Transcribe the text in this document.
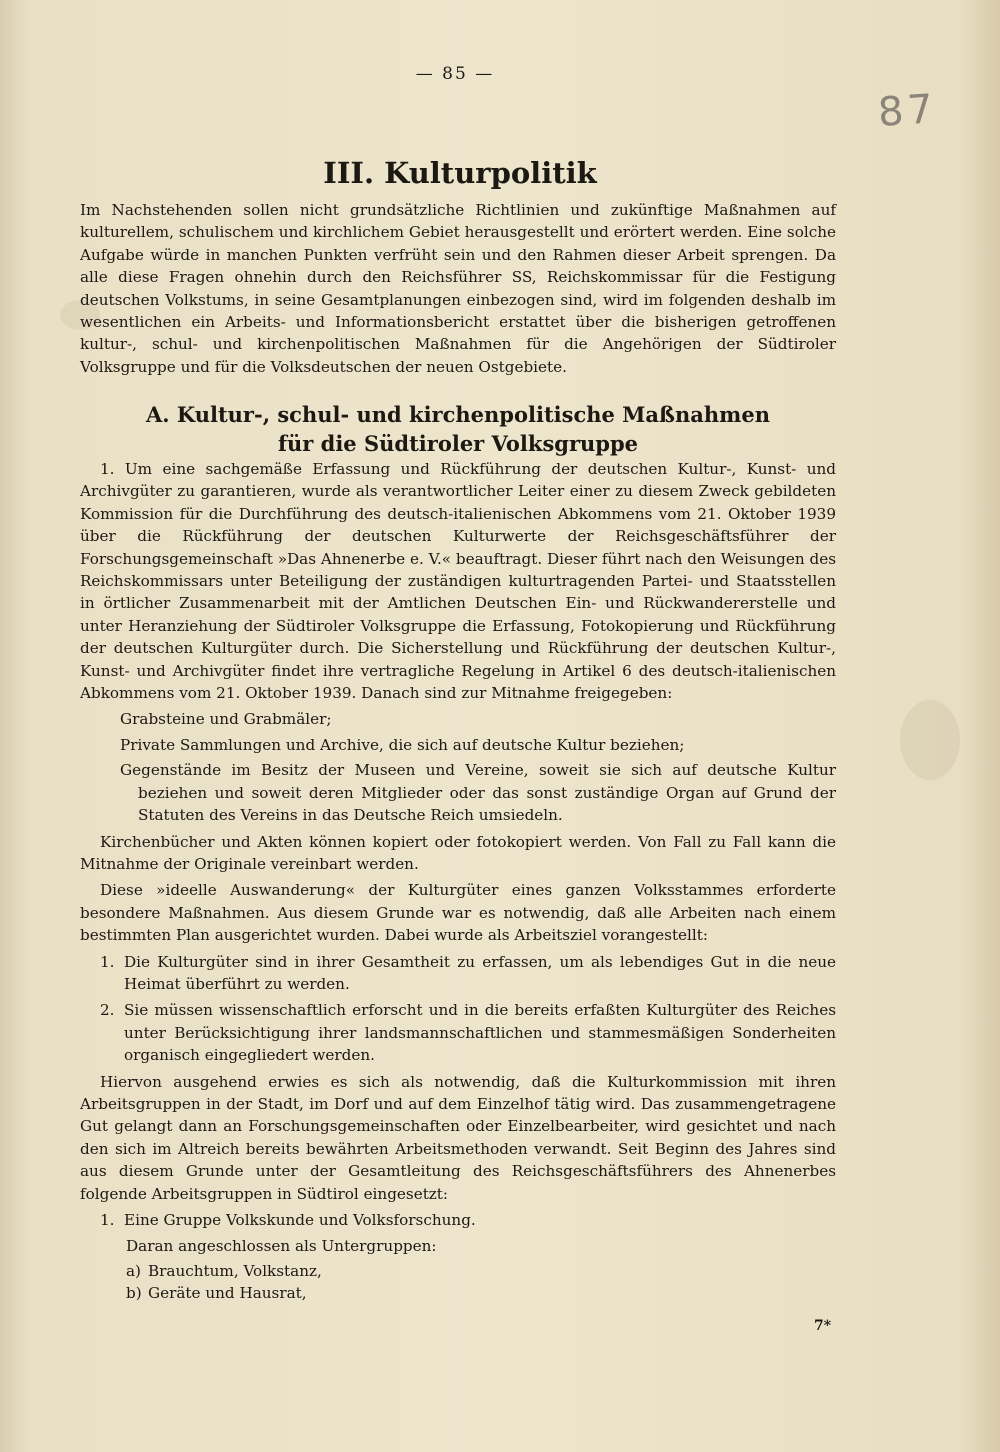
87
— 85 —
III. Kulturpolitik

Im Nachstehenden sollen nicht grundsätzliche Richtlinien und zukünftige Maßnahmen auf kulturellem, schulischem und kirchlichem Gebiet herausgestellt und erörtert werden. Eine solche Aufgabe würde in manchen Punkten verfrüht sein und den Rahmen dieser Arbeit sprengen. Da alle diese Fragen ohnehin durch den Reichsführer SS, Reichskommissar für die Festigung deutschen Volkstums, in seine Gesamtplanungen einbezogen sind, wird im folgenden deshalb im wesentlichen ein Arbeits- und Informationsbericht erstattet über die bisherigen getroffenen kultur-, schul- und kirchenpolitischen Maßnahmen für die Angehörigen der Südtiroler Volksgruppe und für die Volksdeutschen der neuen Ostgebiete.

A. Kultur-, schul- und kirchenpolitische Maßnahmen
für die Südtiroler Volksgruppe

1. Um eine sachgemäße Erfassung und Rückführung der deutschen Kultur-, Kunst- und Archivgüter zu garantieren, wurde als verantwortlicher Leiter einer zu diesem Zweck gebildeten Kommission für die Durchführung des deutsch-italienischen Abkommens vom 21. Oktober 1939 über die Rückführung der deutschen Kulturwerte der Reichsgeschäftsführer der Forschungsgemeinschaft »Das Ahnenerbe e. V.« beauftragt. Dieser führt nach den Weisungen des Reichskommissars unter Beteiligung der zuständigen kulturtragenden Partei- und Staatsstellen in örtlicher Zusammenarbeit mit der Amtlichen Deutschen Ein- und Rückwandererstelle und unter Heranziehung der Südtiroler Volksgruppe die Erfassung, Fotokopierung und Rückführung der deutschen Kulturgüter durch. Die Sicherstellung und Rückführung der deutschen Kultur-, Kunst- und Archivgüter findet ihre vertragliche Regelung in Artikel 6 des deutsch-italienischen Abkommens vom 21. Oktober 1939. Danach sind zur Mitnahme freigegeben:

Grabsteine und Grabmäler;
Private Sammlungen und Archive, die sich auf deutsche Kultur beziehen;
Gegenstände im Besitz der Museen und Vereine, soweit sie sich auf deutsche Kultur beziehen und soweit deren Mitglieder oder das sonst zuständige Organ auf Grund der Statuten des Vereins in das Deutsche Reich umsiedeln.

Kirchenbücher und Akten können kopiert oder fotokopiert werden. Von Fall zu Fall kann die Mitnahme der Originale vereinbart werden.

Diese »ideelle Auswanderung« der Kulturgüter eines ganzen Volksstammes erforderte besondere Maßnahmen. Aus diesem Grunde war es notwendig, daß alle Arbeiten nach einem bestimmten Plan ausgerichtet wurden. Dabei wurde als Arbeitsziel vorangestellt:

1. Die Kulturgüter sind in ihrer Gesamtheit zu erfassen, um als lebendiges Gut in die neue Heimat überführt zu werden.
2. Sie müssen wissenschaftlich erforscht und in die bereits erfaßten Kulturgüter des Reiches unter Berücksichtigung ihrer landsmannschaftlichen und stammesmäßigen Sonderheiten organisch eingegliedert werden.

Hiervon ausgehend erwies es sich als notwendig, daß die Kulturkommission mit ihren Arbeitsgruppen in der Stadt, im Dorf und auf dem Einzelhof tätig wird. Das zusammengetragene Gut gelangt dann an Forschungsgemeinschaften oder Einzelbearbeiter, wird gesichtet und nach den sich im Altreich bereits bewährten Arbeitsmethoden verwandt. Seit Beginn des Jahres sind aus diesem Grunde unter der Gesamtleitung des Reichsgeschäftsführers des Ahnenerbes folgende Arbeitsgruppen in Südtirol eingesetzt:

1. Eine Gruppe Volkskunde und Volksforschung.
Daran angeschlossen als Untergruppen:
a) Brauchtum, Volkstanz,
b) Geräte und Hausrat,
7*
